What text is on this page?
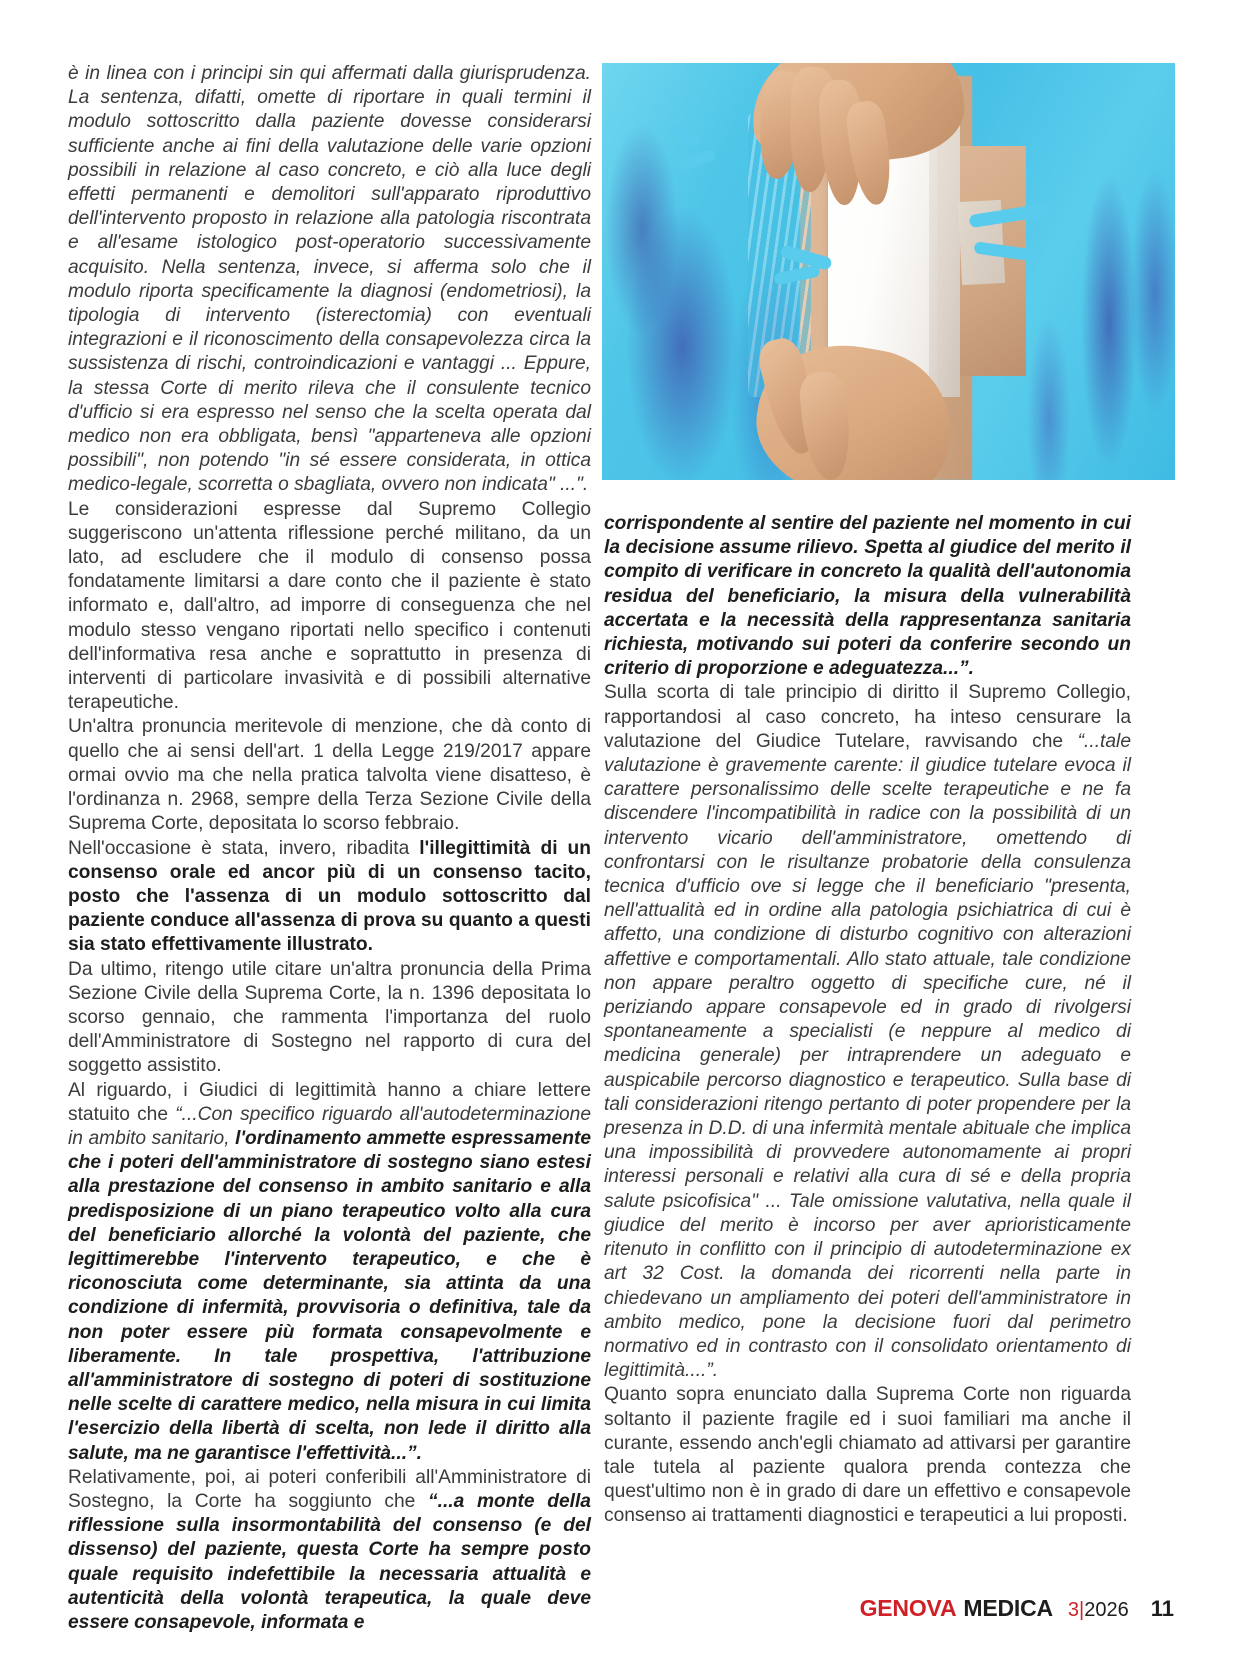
è in linea con i principi sin qui affermati dalla giurisprudenza. La sentenza, difatti, omette di riportare in quali termini il modulo sottoscritto dalla paziente dovesse considerarsi sufficiente anche ai fini della valutazione delle varie opzioni possibili in relazione al caso concreto, e ciò alla luce degli effetti permanenti e demolitori sull'apparato riproduttivo dell'intervento proposto in relazione alla patologia riscontrata e all'esame istologico post-operatorio successivamente acquisito. Nella sentenza, invece, si afferma solo che il modulo riporta specificamente la diagnosi (endometriosi), la tipologia di intervento (isterectomia) con eventuali integrazioni e il riconoscimento della consapevolezza circa la sussistenza di rischi, controindicazioni e vantaggi ... Eppure, la stessa Corte di merito rileva che il consulente tecnico d'ufficio si era espresso nel senso che la scelta operata dal medico non era obbligata, bensì "apparteneva alle opzioni possibili", non potendo "in sé essere considerata, in ottica medico-legale, scorretta o sbagliata, ovvero non indicata" ...".

Le considerazioni espresse dal Supremo Collegio suggeriscono un'attenta riflessione perché militano, da un lato, ad escludere che il modulo di consenso possa fondatamente limitarsi a dare conto che il paziente è stato informato e, dall'altro, ad imporre di conseguenza che nel modulo stesso vengano riportati nello specifico i contenuti dell'informativa resa anche e soprattutto in presenza di interventi di particolare invasività e di possibili alternative terapeutiche.

Un'altra pronuncia meritevole di menzione, che dà conto di quello che ai sensi dell'art. 1 della Legge 219/2017 appare ormai ovvio ma che nella pratica talvolta viene disatteso, è l'ordinanza n. 2968, sempre della Terza Sezione Civile della Suprema Corte, depositata lo scorso febbraio.

Nell'occasione è stata, invero, ribadita l'illegittimità di un consenso orale ed ancor più di un consenso tacito, posto che l'assenza di un modulo sottoscritto dal paziente conduce all'assenza di prova su quanto a questi sia stato effettivamente illustrato.

Da ultimo, ritengo utile citare un'altra pronuncia della Prima Sezione Civile della Suprema Corte, la n. 1396 depositata lo scorso gennaio, che rammenta l'importanza del ruolo dell'Amministratore di Sostegno nel rapporto di cura del soggetto assistito.

Al riguardo, i Giudici di legittimità hanno a chiare lettere statuito che “...Con specifico riguardo all'autodeterminazione in ambito sanitario, l'ordinamento ammette espressamente che i poteri dell'amministratore di sostegno siano estesi alla prestazione del consenso in ambito sanitario e alla predisposizione di un piano terapeutico volto alla cura del beneficiario allorché la volontà del paziente, che legittimerebbe l'intervento terapeutico, e che è riconosciuta come determinante, sia attinta da una condizione di infermità, provvisoria o definitiva, tale da non poter essere più formata consapevolmente e liberamente. In tale prospettiva, l'attribuzione all'amministratore di sostegno di poteri di sostituzione nelle scelte di carattere medico, nella misura in cui limita l'esercizio della libertà di scelta, non lede il diritto alla salute, ma ne garantisce l'effettività...”.

Relativamente, poi, ai poteri conferibili all'Amministratore di Sostegno, la Corte ha soggiunto che “...a monte della riflessione sulla insormontabilità del consenso (e del dissenso) del paziente, questa Corte ha sempre posto quale requisito indefettibile la necessaria attualità e autenticità della volontà terapeutica, la quale deve essere consapevole, informata e

corrispondente al sentire del paziente nel momento in cui la decisione assume rilievo. Spetta al giudice del merito il compito di verificare in concreto la qualità dell'autonomia residua del beneficiario, la misura della vulnerabilità accertata e la necessità della rappresentanza sanitaria richiesta, motivando sui poteri da conferire secondo un criterio di proporzione e adeguatezza...”.

Sulla scorta di tale principio di diritto il Supremo Collegio, rapportandosi al caso concreto, ha inteso censurare la valutazione del Giudice Tutelare, ravvisando che “...tale valutazione è gravemente carente: il giudice tutelare evoca il carattere personalissimo delle scelte terapeutiche e ne fa discendere l'incompatibilità in radice con la possibilità di un intervento vicario dell'amministratore, omettendo di confrontarsi con le risultanze probatorie della consulenza tecnica d'ufficio ove si legge che il beneficiario "presenta, nell'attualità ed in ordine alla patologia psichiatrica di cui è affetto, una condizione di disturbo cognitivo con alterazioni affettive e comportamentali. Allo stato attuale, tale condizione non appare peraltro oggetto di specifiche cure, né il periziando appare consapevole ed in grado di rivolgersi spontaneamente a specialisti (e neppure al medico di medicina generale) per intraprendere un adeguato e auspicabile percorso diagnostico e terapeutico. Sulla base di tali considerazioni ritengo pertanto di poter propendere per la presenza in D.D. di una infermità mentale abituale che implica una impossibilità di provvedere autonomamente ai propri interessi personali e relativi alla cura di sé e della propria salute psicofisica" ... Tale omissione valutativa, nella quale il giudice del merito è incorso per aver aprioristicamente ritenuto in conflitto con il principio di autodeterminazione ex art 32 Cost. la domanda dei ricorrenti nella parte in chiedevano un ampliamento dei poteri dell'amministratore in ambito medico, pone la decisione fuori dal perimetro normativo ed in contrasto con il consolidato orientamento di legittimità....”.

Quanto sopra enunciato dalla Suprema Corte non riguarda soltanto il paziente fragile ed i suoi familiari ma anche il curante, essendo anch'egli chiamato ad attivarsi per garantire tale tutela al paziente qualora prenda contezza che quest'ultimo non è in grado di dare un effettivo e consapevole consenso ai trattamenti diagnostici e terapeutici a lui proposti.

GENOVA MEDICA 3|2026 11
